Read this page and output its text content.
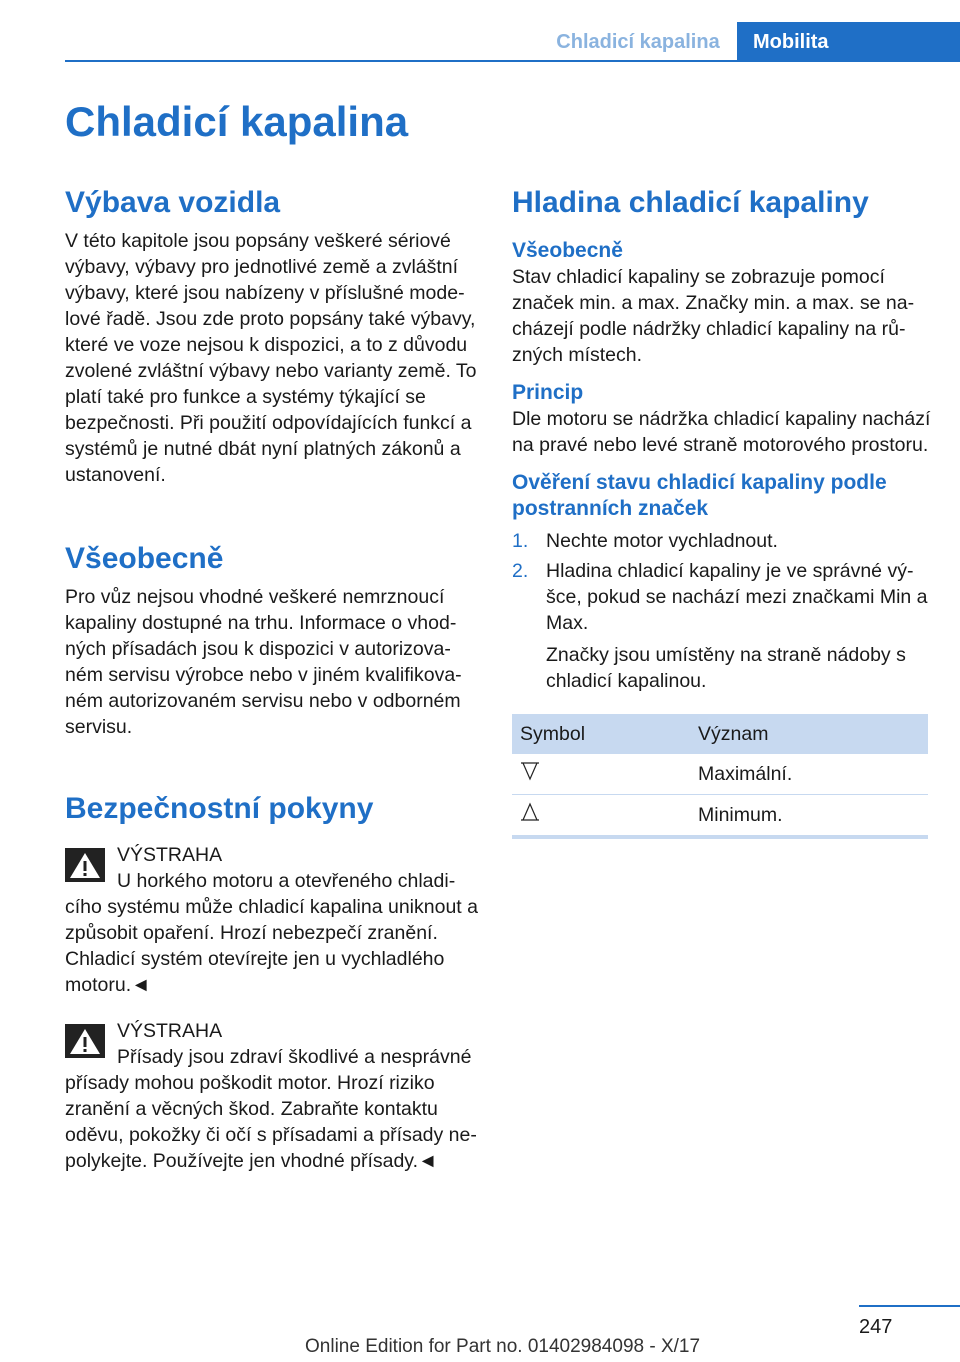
Chladicí kapalina	Mobilita
Chladicí kapalina
Výbava vozidla

V této kapitole jsou popsány veškeré sériové výbavy, výbavy pro jednotlivé země a zvláštní výbavy, které jsou nabízeny v příslušné modelové řadě. Jsou zde proto popsány také výbavy, které ve voze nejsou k dispozici, a to z důvodu zvolené zvláštní výbavy nebo varianty země. To platí také pro funkce a systémy týkající se bezpečnosti. Při použití odpovídajících funkcí a systémů je nutné dbát nyní platných zákonů a ustanovení.

Všeobecně

Pro vůz nejsou vhodné veškeré nemrznoucí kapaliny dostupné na trhu. Informace o vhodných přísadách jsou k dispozici v autorizovaném servisu výrobce nebo v jiném kvalifikovaném autorizovaném servisu nebo v odborném servisu.

Bezpečnostní pokyny

VÝSTRAHA

U horkého motoru a otevřeného chladicího systému může chladicí kapalina uniknout a způsobit opaření. Hrozí nebezpečí zranění. Chladicí systém otevírejte jen u vychladlého motoru.◄

VÝSTRAHA

Přísady jsou zdraví škodlivé a nesprávné přísady mohou poškodit motor. Hrozí riziko zranění a věcných škod. Zabraňte kontaktu oděvu, pokožky či očí s přísadami a přísady nepolykejte. Používejte jen vhodné přísady.◄

Hladina chladicí kapaliny
Všeobecně

Stav chladicí kapaliny se zobrazuje pomocí značek min. a max. Značky min. a max. se nacházejí podle nádržky chladicí kapaliny na různých místech.

Princip

Dle motoru se nádržka chladicí kapaliny nachází na pravé nebo levé straně motorového prostoru.

Ověření stavu chladicí kapaliny podle postranních značek
1. Nechte motor vychladnout.
2. Hladina chladicí kapaliny je ve správné výšce, pokud se nachází mezi značkami Min a Max.

Značky jsou umístěny na straně nádoby s chladicí kapalinou.

Symbol	Význam
	Maximální.
	Minimum.
247
Online Edition for Part no. 01402984098 - X/17
